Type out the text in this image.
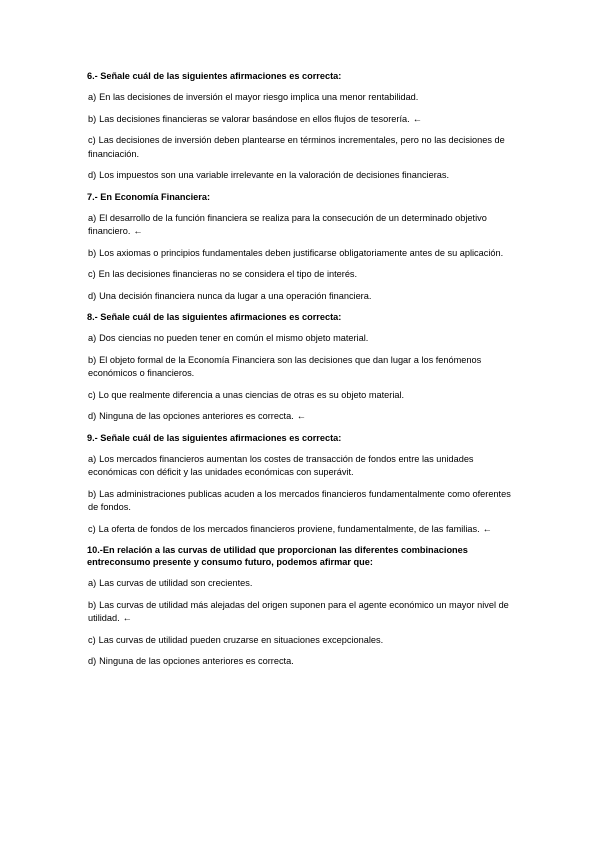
6.- Señale cuál de las siguientes afirmaciones es correcta:
a) En las decisiones de inversión el mayor riesgo implica una menor rentabilidad.
b) Las decisiones financieras se valorar basándose en ellos flujos de tesorería. ←
c) Las decisiones de inversión deben plantearse en términos incrementales, pero no las decisiones de financiación.
d) Los impuestos son una variable irrelevante en la valoración de decisiones financieras.
7.- En Economía Financiera:
a) El desarrollo de la función financiera se realiza para la consecución de un determinado objetivo financiero. ←
b) Los axiomas o principios fundamentales deben justificarse obligatoriamente antes de su aplicación.
c) En las decisiones financieras no se considera el tipo de interés.
d) Una decisión financiera nunca da lugar a una operación financiera.
8.- Señale cuál de las siguientes afirmaciones es correcta:
a) Dos ciencias no pueden tener en común el mismo objeto material.
b) El objeto formal de la Economía Financiera son las decisiones que dan lugar a los fenómenos económicos o financieros.
c) Lo que realmente diferencia a unas ciencias de otras es su objeto material.
d) Ninguna de las opciones anteriores es correcta. ←
9.- Señale cuál de las siguientes afirmaciones es correcta:
a) Los mercados financieros aumentan los costes de transacción de fondos entre las unidades económicas con déficit y las unidades económicas con superávit.
b) Las administraciones publicas acuden a los mercados financieros fundamentalmente como oferentes de fondos.
c) La oferta de fondos de los mercados financieros proviene, fundamentalmente, de las familias. ←
10.-En relación a las curvas de utilidad que proporcionan las diferentes combinaciones entreconsumo presente y consumo futuro, podemos afirmar que:
a) Las curvas de utilidad son crecientes.
b) Las curvas de utilidad más alejadas del origen suponen para el agente económico un mayor nivel de utilidad. ←
c) Las curvas de utilidad pueden cruzarse en situaciones excepcionales.
d) Ninguna de las opciones anteriores es correcta.
